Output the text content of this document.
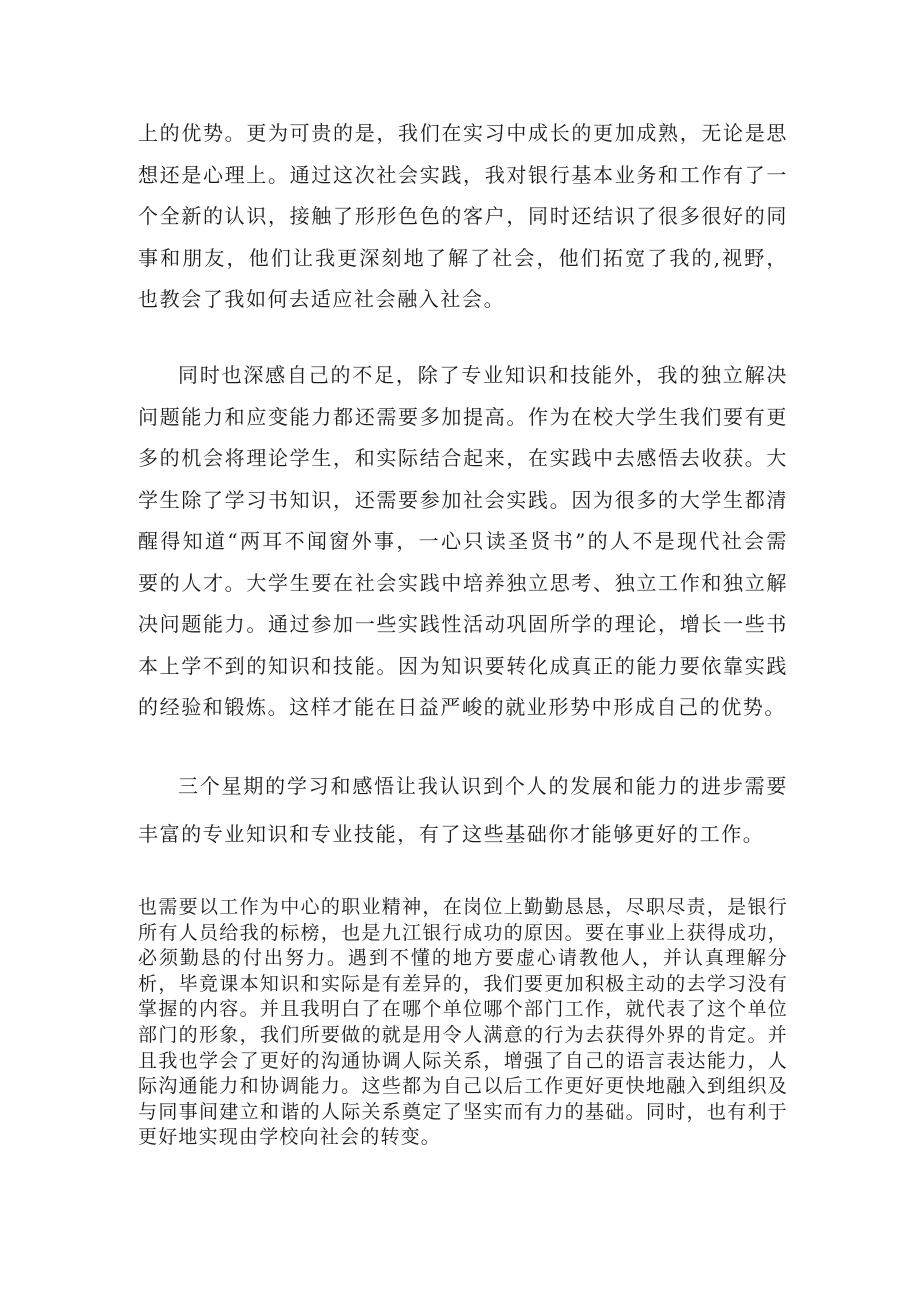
上的优势。更为可贵的是，我们在实习中成长的更加成熟，无论是思想还是心理上。通过这次社会实践，我对银行基本业务和工作有了一个全新的认识，接触了形形色色的客户，同时还结识了很多很好的同事和朋友，他们让我更深刻地了解了社会，他们拓宽了我的,视野，也教会了我如何去适应社会融入社会。

同时也深感自己的不足，除了专业知识和技能外，我的独立解决问题能力和应变能力都还需要多加提高。作为在校大学生我们要有更多的机会将理论学生，和实际结合起来，在实践中去感悟去收获。大学生除了学习书知识，还需要参加社会实践。因为很多的大学生都清醒得知道“两耳不闻窗外事，一心只读圣贤书”的人不是现代社会需要的人才。大学生要在社会实践中培养独立思考、独立工作和独立解决问题能力。通过参加一些实践性活动巩固所学的理论，增长一些书本上学不到的知识和技能。因为知识要转化成真正的能力要依靠实践的经验和锻炼。这样才能在日益严峻的就业形势中形成自己的优势。

三个星期的学习和感悟让我认识到个人的发展和能力的进步需要丰富的专业知识和专业技能，有了这些基础你才能够更好的工作。

也需要以工作为中心的职业精神，在岗位上勤勤恳恳，尽职尽责，是银行所有人员给我的标榜，也是九江银行成功的原因。要在事业上获得成功，必须勤恳的付出努力。遇到不懂的地方要虚心请教他人，并认真理解分析，毕竟课本知识和实际是有差异的，我们要更加积极主动的去学习没有掌握的内容。并且我明白了在哪个单位哪个部门工作，就代表了这个单位部门的形象，我们所要做的就是用令人满意的行为去获得外界的肯定。并且我也学会了更好的沟通协调人际关系，增强了自己的语言表达能力，人际沟通能力和协调能力。这些都为自己以后工作更好更快地融入到组织及与同事间建立和谐的人际关系奠定了坚实而有力的基础。同时，也有利于更好地实现由学校向社会的转变。
